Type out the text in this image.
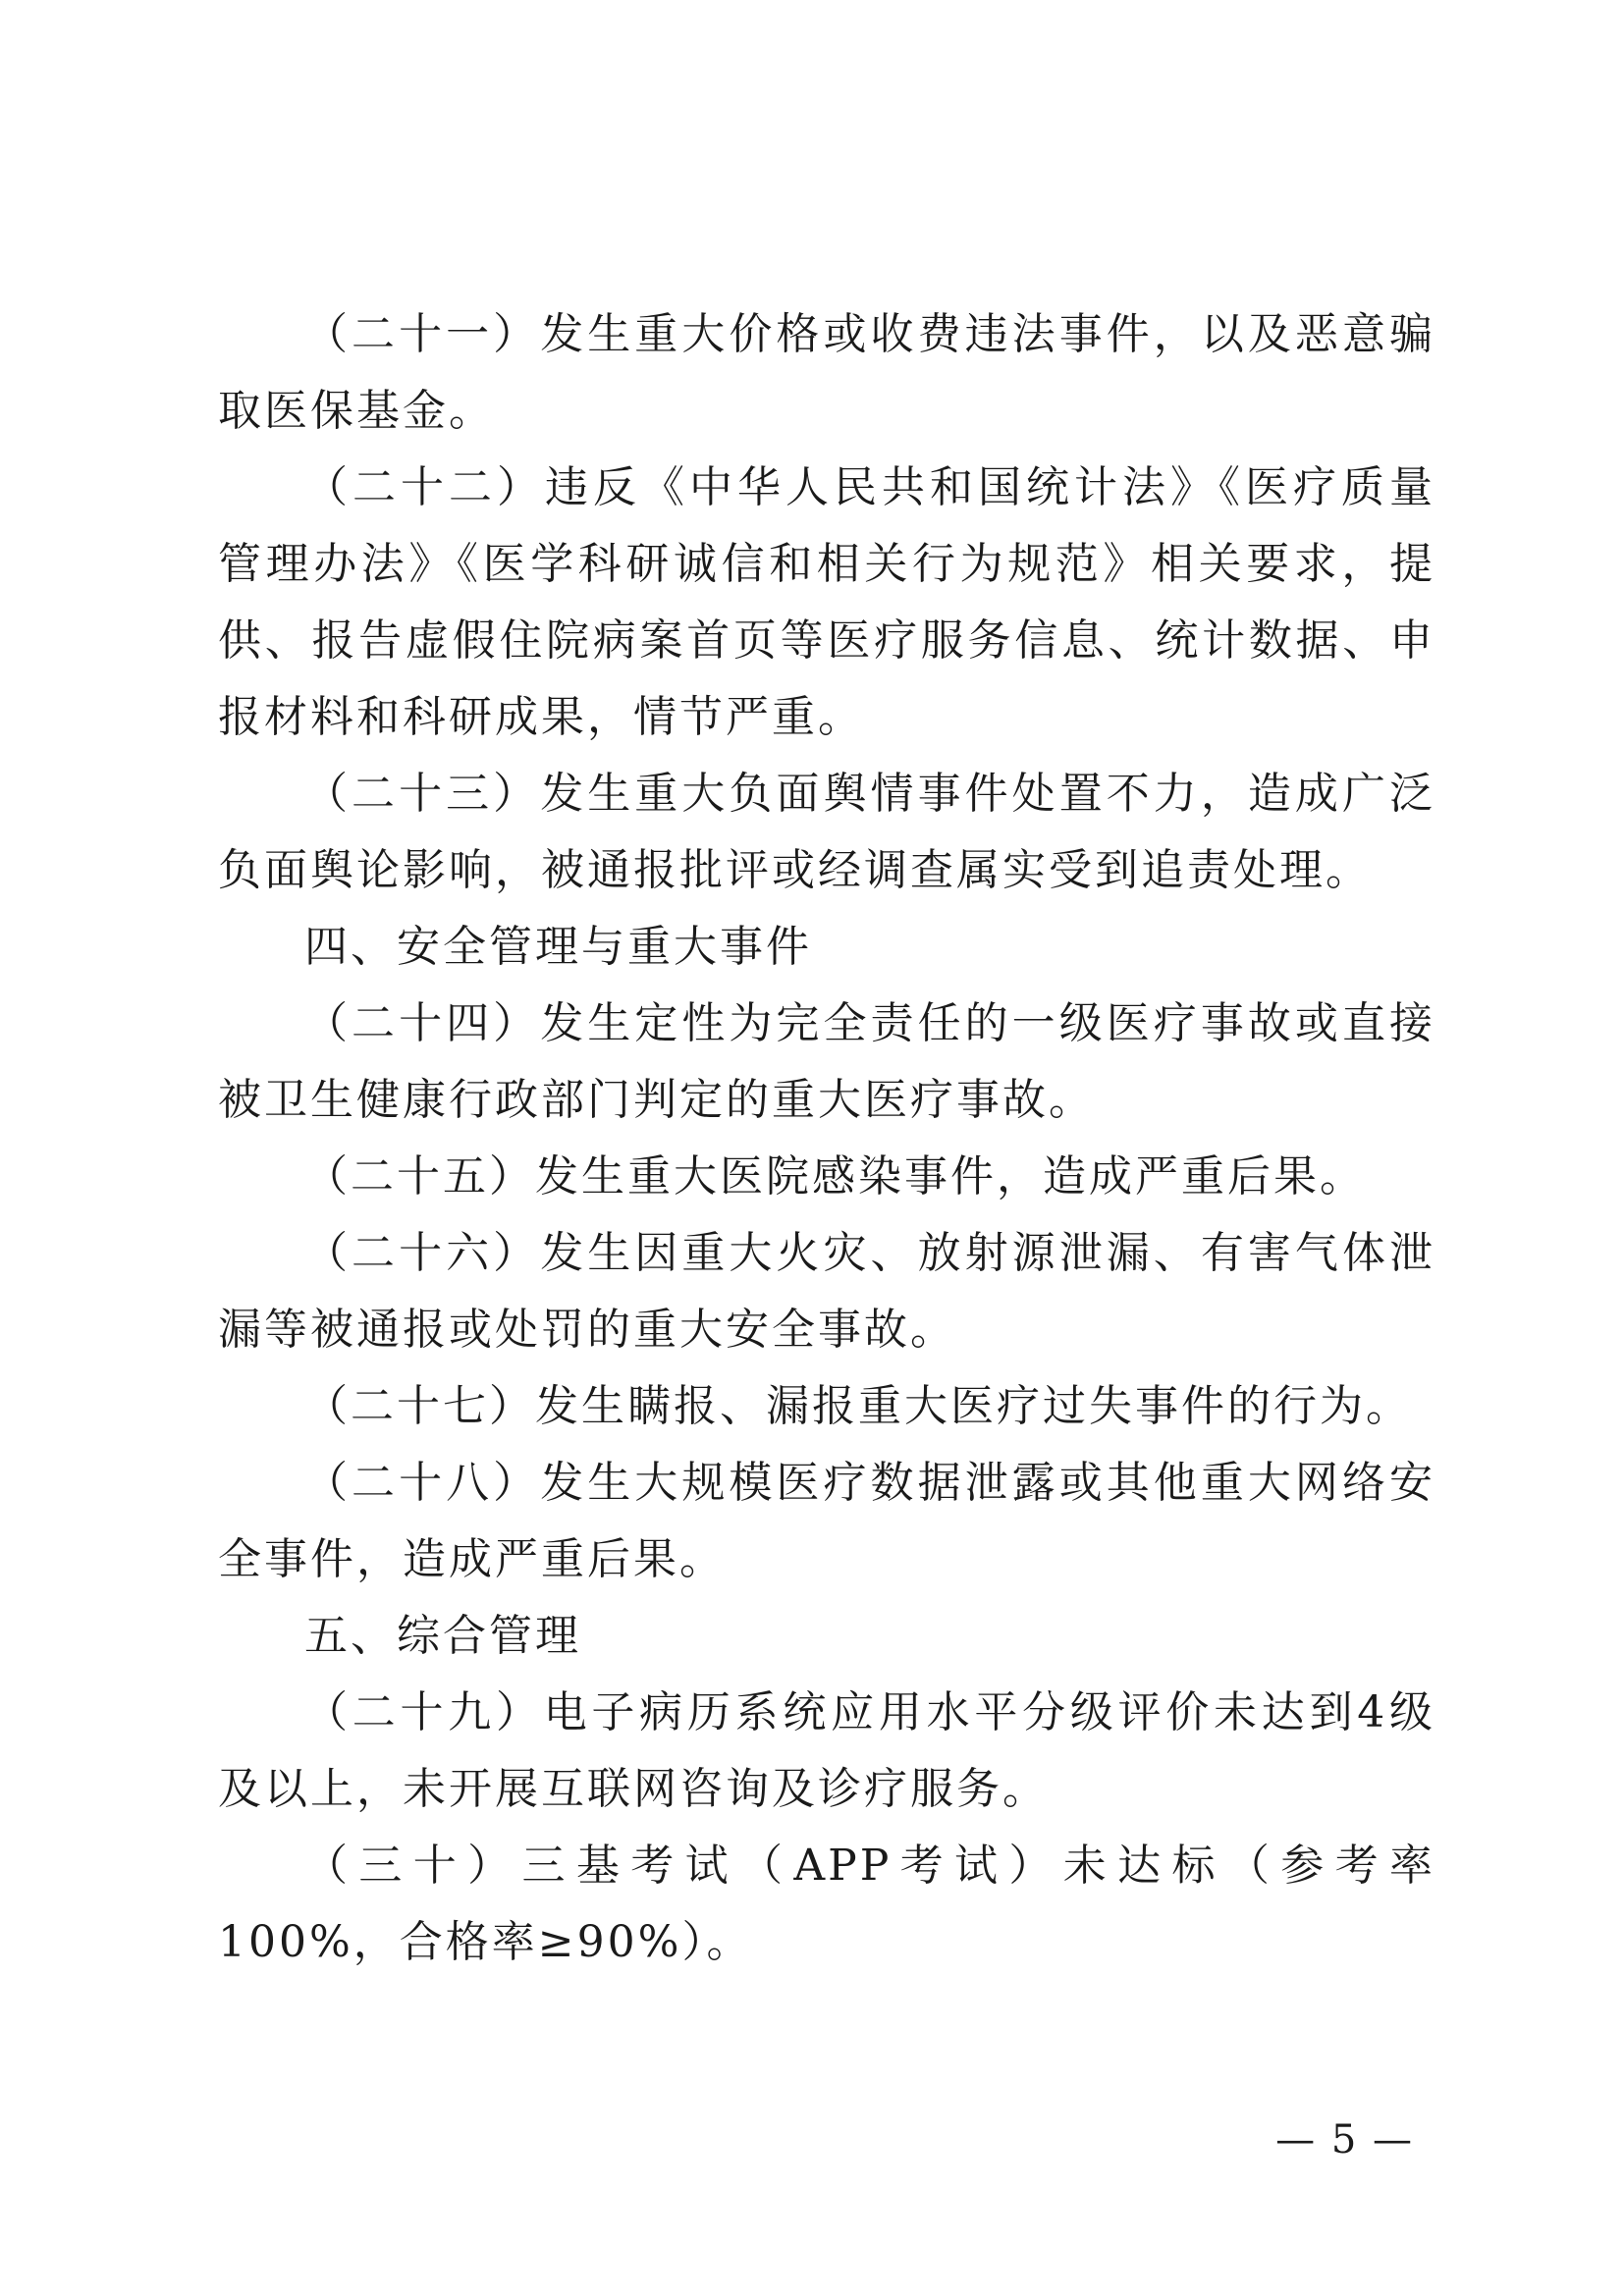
（二十一）发生重大价格或收费违法事件，以及恶意骗取医保基金。

（二十二）违反《中华人民共和国统计法》《医疗质量管理办法》《医学科研诚信和相关行为规范》相关要求，提供、报告虚假住院病案首页等医疗服务信息、统计数据、申报材料和科研成果，情节严重。

（二十三）发生重大负面舆情事件处置不力，造成广泛负面舆论影响，被通报批评或经调查属实受到追责处理。

四、安全管理与重大事件

（二十四）发生定性为完全责任的一级医疗事故或直接被卫生健康行政部门判定的重大医疗事故。

（二十五）发生重大医院感染事件，造成严重后果。

（二十六）发生因重大火灾、放射源泄漏、有害气体泄漏等被通报或处罚的重大安全事故。

（二十七）发生瞒报、漏报重大医疗过失事件的行为。

（二十八）发生大规模医疗数据泄露或其他重大网络安全事件，造成严重后果。

五、综合管理

（二十九）电子病历系统应用水平分级评价未达到4级及以上，未开展互联网咨询及诊疗服务。

（三十）三基考试（APP考试）未达标（参考率100%，合格率≥90%）。

— 5 —
